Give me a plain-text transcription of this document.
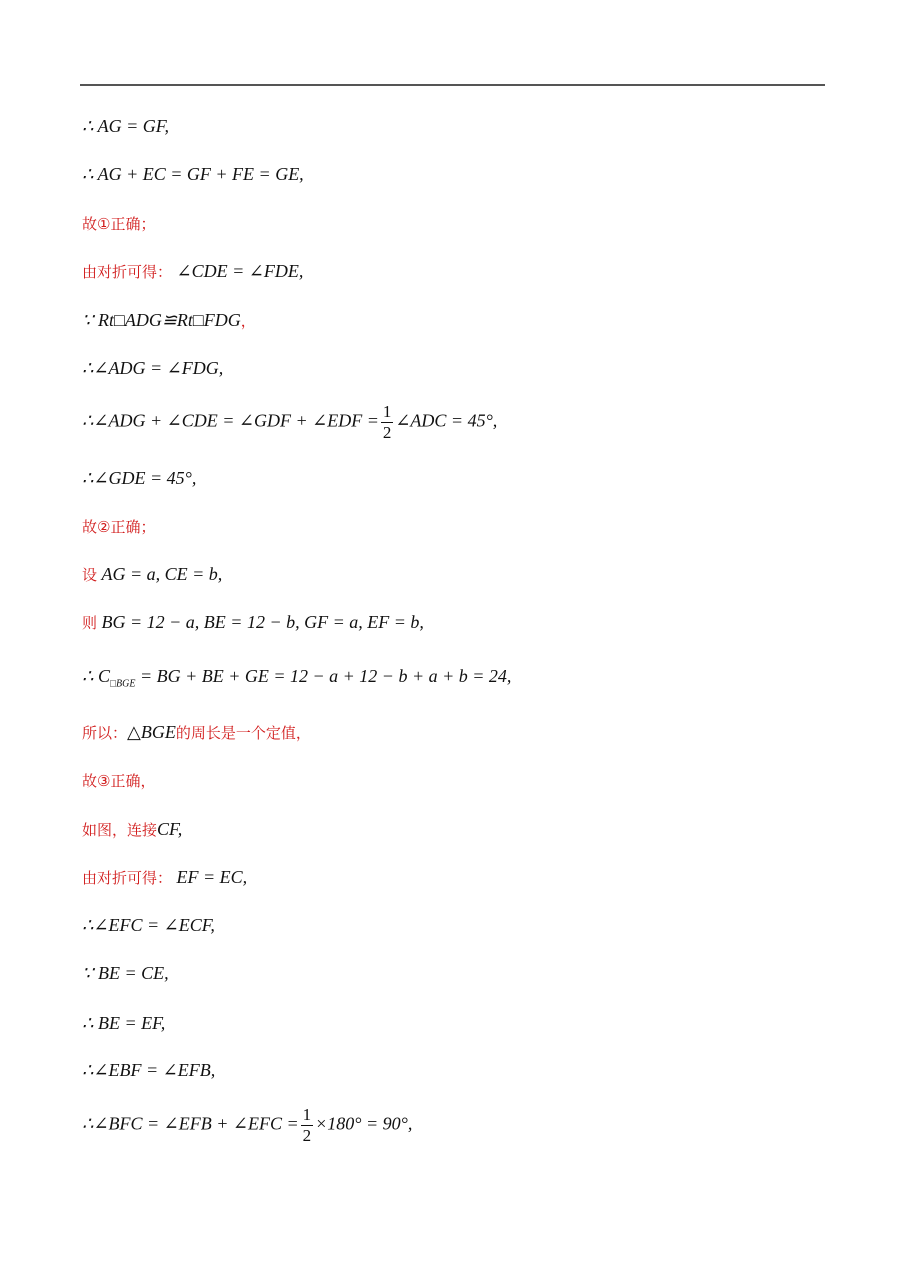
∴ AG = GF,
∴ AG + EC = GF + FE = GE,
故①正确；
由对折可得： ∠CDE = ∠FDE,
∵ Rt□ADG≌Rt□FDG，
∴∠ADG = ∠FDG,
∴∠ADG + ∠CDE = ∠GDF + ∠EDF = $\frac{1}{2}$ ∠ADC = 45°,
∴∠GDE = 45°,
故②正确；
设 AG = a, CE = b,
则 BG = 12 − a, BE = 12 − b, GF = a, EF = b,
∴ $C_{□BGE}$ = BG + BE + GE = 12 − a + 12 − b + a + b = 24,
所以：△BGE的周长是一个定值，
故③正确，
如图，连接CF,
由对折可得： EF = EC,
∴∠EFC = ∠ECF,
∵ BE = CE,
∴ BE = EF,
∴∠EBF = ∠EFB,
∴∠BFC = ∠EFB + ∠EFC = $\frac{1}{2} \times 180^\circ = 90^\circ$,
